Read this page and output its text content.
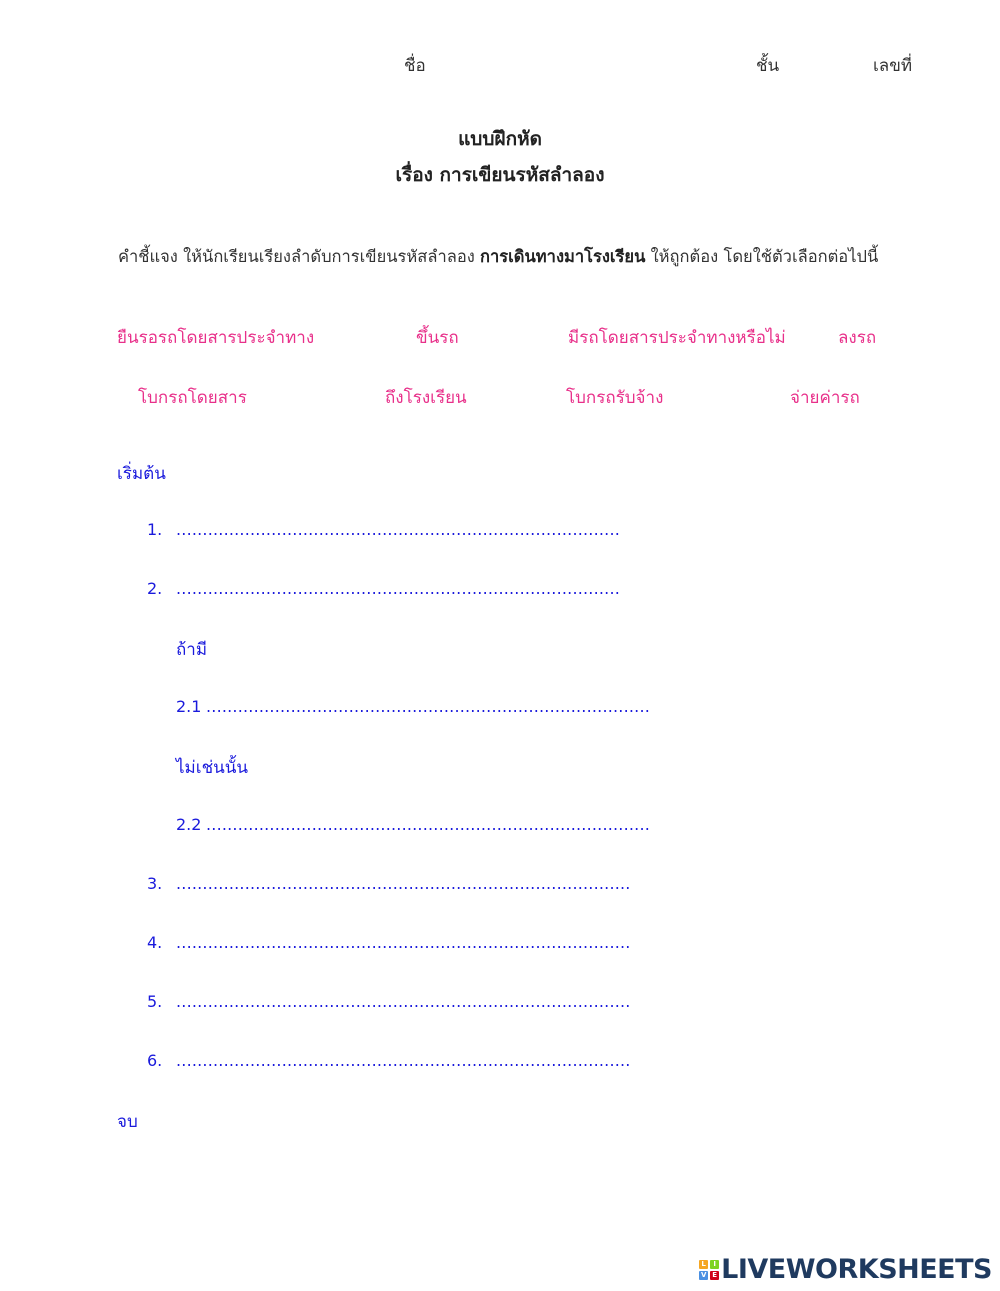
ชื่อ	ชั้น	เลขที่
แบบฝึกหัด
เรื่อง การเขียนรหัสลำลอง
คำชี้แจง ให้นักเรียนเรียงลำดับการเขียนรหัสลำลอง การเดินทางมาโรงเรียน ให้ถูกต้อง โดยใช้ตัวเลือกต่อไปนี้
ยืนรอรถโดยสารประจำทาง	ขึ้นรถ	มีรถโดยสารประจำทางหรือไม่	ลงรถ
โบกรถโดยสาร	ถึงโรงเรียน	โบกรถรับจ้าง	จ่ายค่ารถ
เริ่มต้น
1. ....................................................................................
2. ....................................................................................
ถ้ามี
2.1 ....................................................................................
ไม่เช่นนั้น
2.2 ....................................................................................
3. ......................................................................................
4. ......................................................................................
5. ......................................................................................
6. ......................................................................................
จบ
L	I
V E LIVEWORKSHEETS
